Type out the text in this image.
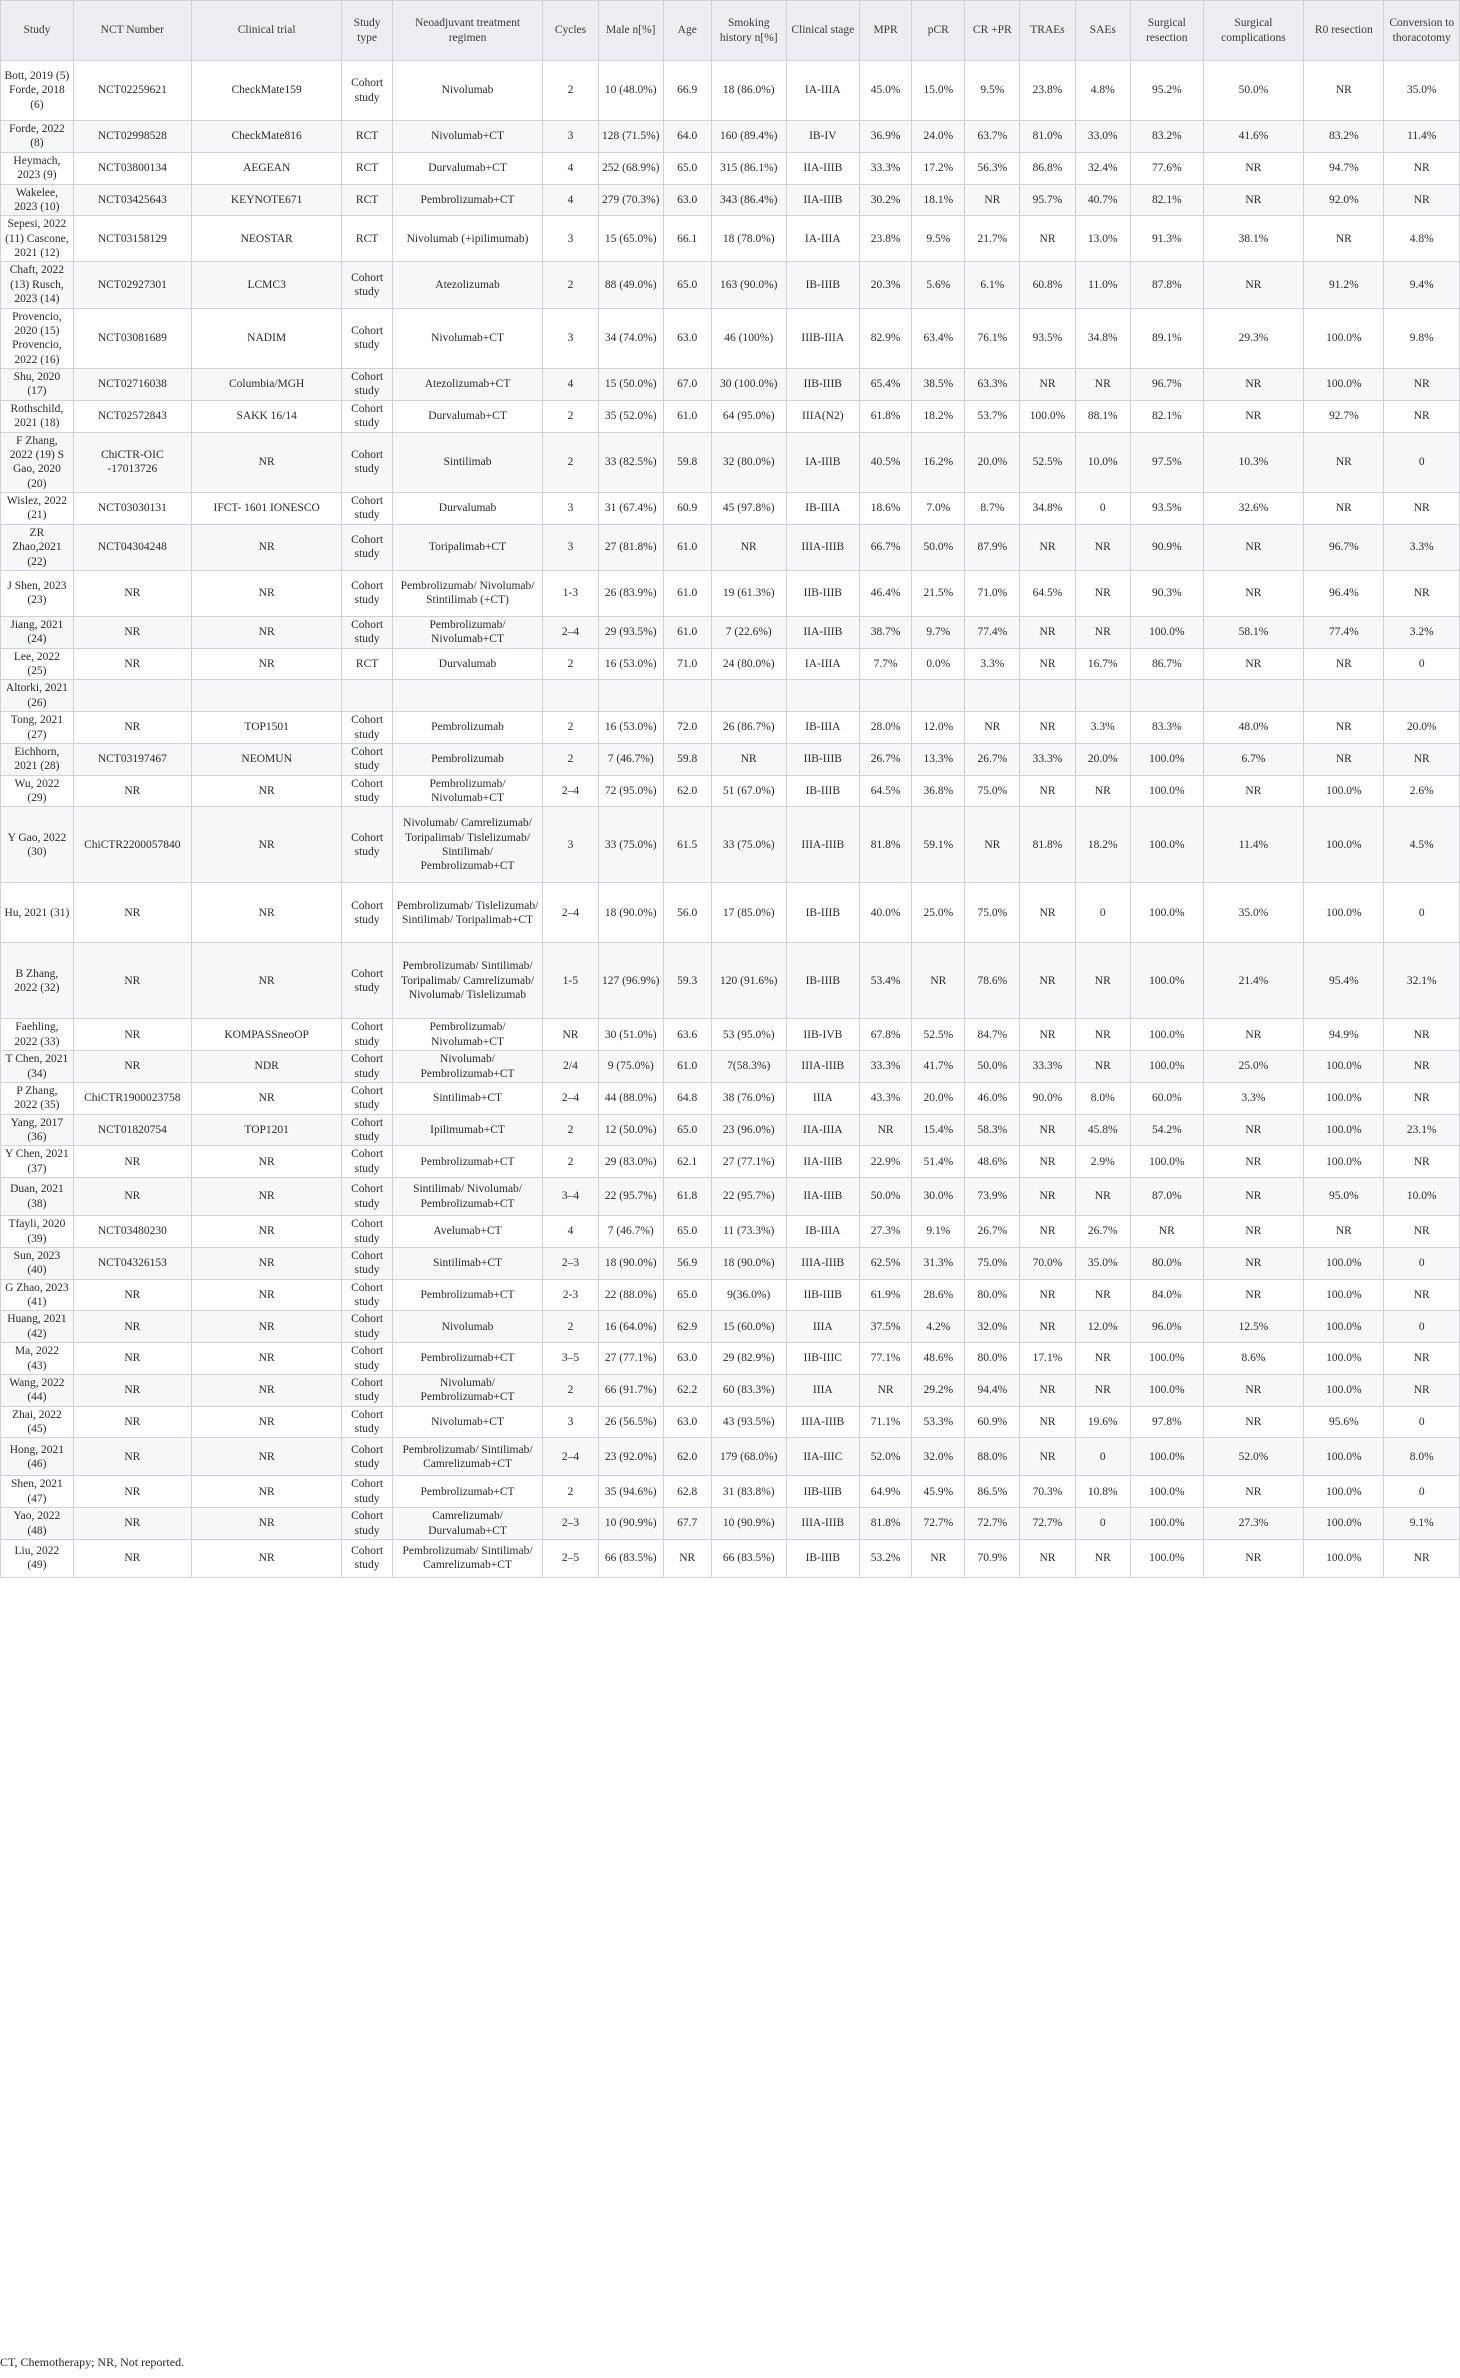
Study	NCT Number	Clinical trial	Study type	Neoadjuvant treatment regimen	Cycles	Male n[%]	Age	Smoking history n[%]	Clinical stage	MPR	pCR	CR +PR	TRAEs	SAEs	Surgical resection	Surgical complications	R0 resection	Conversion to thoracotomy
Bott, 2019 (5) Forde, 2018 (6)	NCT02259621	CheckMate159	Cohort study	Nivolumab	2	10 (48.0%)	66.9	18 (86.0%)	IA-IIIA	45.0%	15.0%	9.5%	23.8%	4.8%	95.2%	50.0%	NR	35.0%
Forde, 2022 (8)	NCT02998528	CheckMate816	RCT	Nivolumab+CT	3	128 (71.5%)	64.0	160 (89.4%)	IB-IV	36.9%	24.0%	63.7%	81.0%	33.0%	83.2%	41.6%	83.2%	11.4%
Heymach, 2023 (9)	NCT03800134	AEGEAN	RCT	Durvalumab+CT	4	252 (68.9%)	65.0	315 (86.1%)	IIA-IIIB	33.3%	17.2%	56.3%	86.8%	32.4%	77.6%	NR	94.7%	NR
Wakelee, 2023 (10)	NCT03425643	KEYNOTE671	RCT	Pembrolizumab+CT	4	279 (70.3%)	63.0	343 (86.4%)	IIA-IIIB	30.2%	18.1%	NR	95.7%	40.7%	82.1%	NR	92.0%	NR
Sepesi, 2022 (11) Cascone, 2021 (12)	NCT03158129	NEOSTAR	RCT	Nivolumab (+ipilimumab)	3	15 (65.0%)	66.1	18 (78.0%)	IA-IIIA	23.8%	9.5%	21.7%	NR	13.0%	91.3%	38.1%	NR	4.8%
Chaft, 2022 (13) Rusch, 2023 (14)	NCT02927301	LCMC3	Cohort study	Atezolizumab	2	88 (49.0%)	65.0	163 (90.0%)	IB-IIIB	20.3%	5.6%	6.1%	60.8%	11.0%	87.8%	NR	91.2%	9.4%
Provencio, 2020 (15) Provencio, 2022 (16)	NCT03081689	NADIM	Cohort study	Nivolumab+CT	3	34 (74.0%)	63.0	46 (100%)	IIIB-IIIA	82.9%	63.4%	76.1%	93.5%	34.8%	89.1%	29.3%	100.0%	9.8%
Shu, 2020 (17)	NCT02716038	Columbia/MGH	Cohort study	Atezolizumab+CT	4	15 (50.0%)	67.0	30 (100.0%)	IIB-IIIB	65.4%	38.5%	63.3%	NR	NR	96.7%	NR	100.0%	NR
Rothschild, 2021 (18)	NCT02572843	SAKK 16/14	Cohort study	Durvalumab+CT	2	35 (52.0%)	61.0	64 (95.0%)	IIIA(N2)	61.8%	18.2%	53.7%	100.0%	88.1%	82.1%	NR	92.7%	NR
F Zhang, 2022 (19) S Gao, 2020 (20)	ChiCTR-OIC -17013726	NR	Cohort study	Sintilimab	2	33 (82.5%)	59.8	32 (80.0%)	IA-IIIB	40.5%	16.2%	20.0%	52.5%	10.0%	97.5%	10.3%	NR	0
Wislez, 2022 (21)	NCT03030131	IFCT- 1601 IONESCO	Cohort study	Durvalumab	3	31 (67.4%)	60.9	45 (97.8%)	IB-IIIA	18.6%	7.0%	8.7%	34.8%	0	93.5%	32.6%	NR	NR
ZR Zhao,2021 (22)	NCT04304248	NR	Cohort study	Toripalimab+CT	3	27 (81.8%)	61.0	NR	IIIA-IIIB	66.7%	50.0%	87.9%	NR	NR	90.9%	NR	96.7%	3.3%
J Shen, 2023 (23)	NR	NR	Cohort study	Pembrolizumab/ Nivolumab/ Stintilimab (+CT)	1-3	26 (83.9%)	61.0	19 (61.3%)	IIB-IIIB	46.4%	21.5%	71.0%	64.5%	NR	90.3%	NR	96.4%	NR
Jiang, 2021 (24)	NR	NR	Cohort study	Pembrolizumab/ Nivolumab+CT	2–4	29 (93.5%)	61.0	7 (22.6%)	IIA-IIIB	38.7%	9.7%	77.4%	NR	NR	100.0%	58.1%	77.4%	3.2%
Lee, 2022 (25)	NR	NR	RCT	Durvalumab	2	16 (53.0%)	71.0	24 (80.0%)	IA-IIIA	7.7%	0.0%	3.3%	NR	16.7%	86.7%	NR	NR	0
Altorki, 2021 (26)																		
Tong, 2021 (27)	NR	TOP1501	Cohort study	Pembrolizumab	2	16 (53.0%)	72.0	26 (86.7%)	IB-IIIA	28.0%	12.0%	NR	NR	3.3%	83.3%	48.0%	NR	20.0%
Eichhorn, 2021 (28)	NCT03197467	NEOMUN	Cohort study	Pembrolizumab	2	7 (46.7%)	59.8	NR	IIB-IIIB	26.7%	13.3%	26.7%	33.3%	20.0%	100.0%	6.7%	NR	NR
Wu, 2022 (29)	NR	NR	Cohort study	Pembrolizumab/ Nivolumab+CT	2–4	72 (95.0%)	62.0	51 (67.0%)	IB-IIIB	64.5%	36.8%	75.0%	NR	NR	100.0%	NR	100.0%	2.6%
Y Gao, 2022 (30)	ChiCTR2200057840	NR	Cohort study	Nivolumab/ Camrelizumab/ Toripalimab/ Tislelizumab/ Sintilimab/ Pembrolizumab+CT	3	33 (75.0%)	61.5	33 (75.0%)	IIIA-IIIB	81.8%	59.1%	NR	81.8%	18.2%	100.0%	11.4%	100.0%	4.5%
Hu, 2021 (31)	NR	NR	Cohort study	Pembrolizumab/ Tislelizumab/ Sintilimab/ Toripalimab+CT	2–4	18 (90.0%)	56.0	17 (85.0%)	IB-IIIB	40.0%	25.0%	75.0%	NR	0	100.0%	35.0%	100.0%	0
B Zhang, 2022 (32)	NR	NR	Cohort study	Pembrolizumab/ Sintilimab/ Toripalimab/ Camrelizumab/ Nivolumab/ Tislelizumab	1-5	127 (96.9%)	59.3	120 (91.6%)	IB-IIIB	53.4%	NR	78.6%	NR	NR	100.0%	21.4%	95.4%	32.1%
Faehling, 2022 (33)	NR	KOMPASSneoOP	Cohort study	Pembrolizumab/ Nivolumab+CT	NR	30 (51.0%)	63.6	53 (95.0%)	IIB-IVB	67.8%	52.5%	84.7%	NR	NR	100.0%	NR	94.9%	NR
T Chen, 2021 (34)	NR	NDR	Cohort study	Nivolumab/ Pembrolizumab+CT	2/4	9 (75.0%)	61.0	7(58.3%)	IIIA-IIIB	33.3%	41.7%	50.0%	33.3%	NR	100.0%	25.0%	100.0%	NR
P Zhang, 2022 (35)	ChiCTR1900023758	NR	Cohort study	Sintilimab+CT	2–4	44 (88.0%)	64.8	38 (76.0%)	IIIA	43.3%	20.0%	46.0%	90.0%	8.0%	60.0%	3.3%	100.0%	NR
Yang, 2017 (36)	NCT01820754	TOP1201	Cohort study	Ipilimumab+CT	2	12 (50.0%)	65.0	23 (96.0%)	IIA-IIIA	NR	15.4%	58.3%	NR	45.8%	54.2%	NR	100.0%	23.1%
Y Chen, 2021 (37)	NR	NR	Cohort study	Pembrolizumab+CT	2	29 (83.0%)	62.1	27 (77.1%)	IIA-IIIB	22.9%	51.4%	48.6%	NR	2.9%	100.0%	NR	100.0%	NR
Duan, 2021 (38)	NR	NR	Cohort study	Sintilimab/ Nivolumab/ Pembrolizumab+CT	3–4	22 (95.7%)	61.8	22 (95.7%)	IIA-IIIB	50.0%	30.0%	73.9%	NR	NR	87.0%	NR	95.0%	10.0%
Tfayli, 2020 (39)	NCT03480230	NR	Cohort study	Avelumab+CT	4	7 (46.7%)	65.0	11 (73.3%)	IB-IIIA	27.3%	9.1%	26.7%	NR	26.7%	NR	NR	NR	NR
Sun, 2023 (40)	NCT04326153	NR	Cohort study	Sintilimab+CT	2–3	18 (90.0%)	56.9	18 (90.0%)	IIIA-IIIB	62.5%	31.3%	75.0%	70.0%	35.0%	80.0%	NR	100.0%	0
G Zhao, 2023 (41)	NR	NR	Cohort study	Pembrolizumab+CT	2-3	22 (88.0%)	65.0	9(36.0%)	IIB-IIIB	61.9%	28.6%	80.0%	NR	NR	84.0%	NR	100.0%	NR
Huang, 2021 (42)	NR	NR	Cohort study	Nivolumab	2	16 (64.0%)	62.9	15 (60.0%)	IIIA	37.5%	4.2%	32.0%	NR	12.0%	96.0%	12.5%	100.0%	0
Ma, 2022 (43)	NR	NR	Cohort study	Pembrolizumab+CT	3–5	27 (77.1%)	63.0	29 (82.9%)	IIB-IIIC	77.1%	48.6%	80.0%	17.1%	NR	100.0%	8.6%	100.0%	NR
Wang, 2022 (44)	NR	NR	Cohort study	Nivolumab/ Pembrolizumab+CT	2	66 (91.7%)	62.2	60 (83.3%)	IIIA	NR	29.2%	94.4%	NR	NR	100.0%	NR	100.0%	NR
Zhai, 2022 (45)	NR	NR	Cohort study	Nivolumab+CT	3	26 (56.5%)	63.0	43 (93.5%)	IIIA-IIIB	71.1%	53.3%	60.9%	NR	19.6%	97.8%	NR	95.6%	0
Hong, 2021 (46)	NR	NR	Cohort study	Pembrolizumab/ Sintilimab/ Camrelizumab+CT	2–4	23 (92.0%)	62.0	179 (68.0%)	IIA-IIIC	52.0%	32.0%	88.0%	NR	0	100.0%	52.0%	100.0%	8.0%
Shen, 2021 (47)	NR	NR	Cohort study	Pembrolizumab+CT	2	35 (94.6%)	62.8	31 (83.8%)	IIB-IIIB	64.9%	45.9%	86.5%	70.3%	10.8%	100.0%	NR	100.0%	0
Yao, 2022 (48)	NR	NR	Cohort study	Camrelizumab/ Durvalumab+CT	2–3	10 (90.9%)	67.7	10 (90.9%)	IIIA-IIIB	81.8%	72.7%	72.7%	72.7%	0	100.0%	27.3%	100.0%	9.1%
Liu, 2022 (49)	NR	NR	Cohort study	Pembrolizumab/ Sintilimab/ Camrelizumab+CT	2–5	66 (83.5%)	NR	66 (83.5%)	IB-IIIB	53.2%	NR	70.9%	NR	NR	100.0%	NR	100.0%	NR
CT, Chemotherapy; NR, Not reported.
